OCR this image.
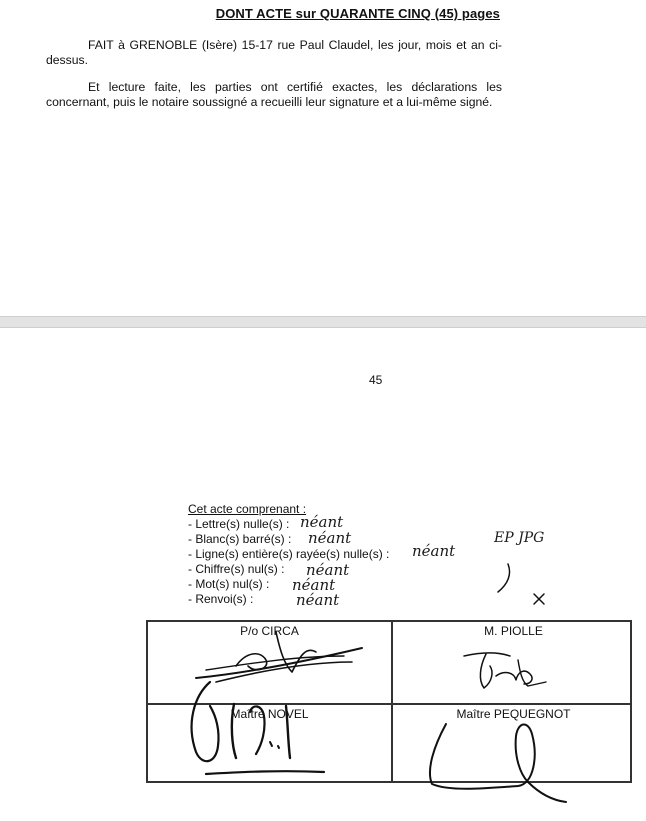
DONT ACTE sur QUARANTE CINQ (45) pages
FAIT à GRENOBLE (Isère) 15-17 rue Paul Claudel, les jour, mois et an ci-dessus.
Et lecture faite, les parties ont certifié exactes, les déclarations les concernant, puis le notaire soussigné a recueilli leur signature et a lui-même signé.
45
Cet acte comprenant :
- Lettre(s) nulle(s) :
- Blanc(s) barré(s) :
- Ligne(s) entière(s) rayée(s) nulle(s) :
- Chiffre(s) nul(s) :
- Mot(s) nul(s) :
- Renvoi(s) :
néant
néant
néant
néant
néant
néant
EP JPG
P/o CIRCA	M. PIOLLE
Maître NOVEL	Maître PEQUEGNOT
